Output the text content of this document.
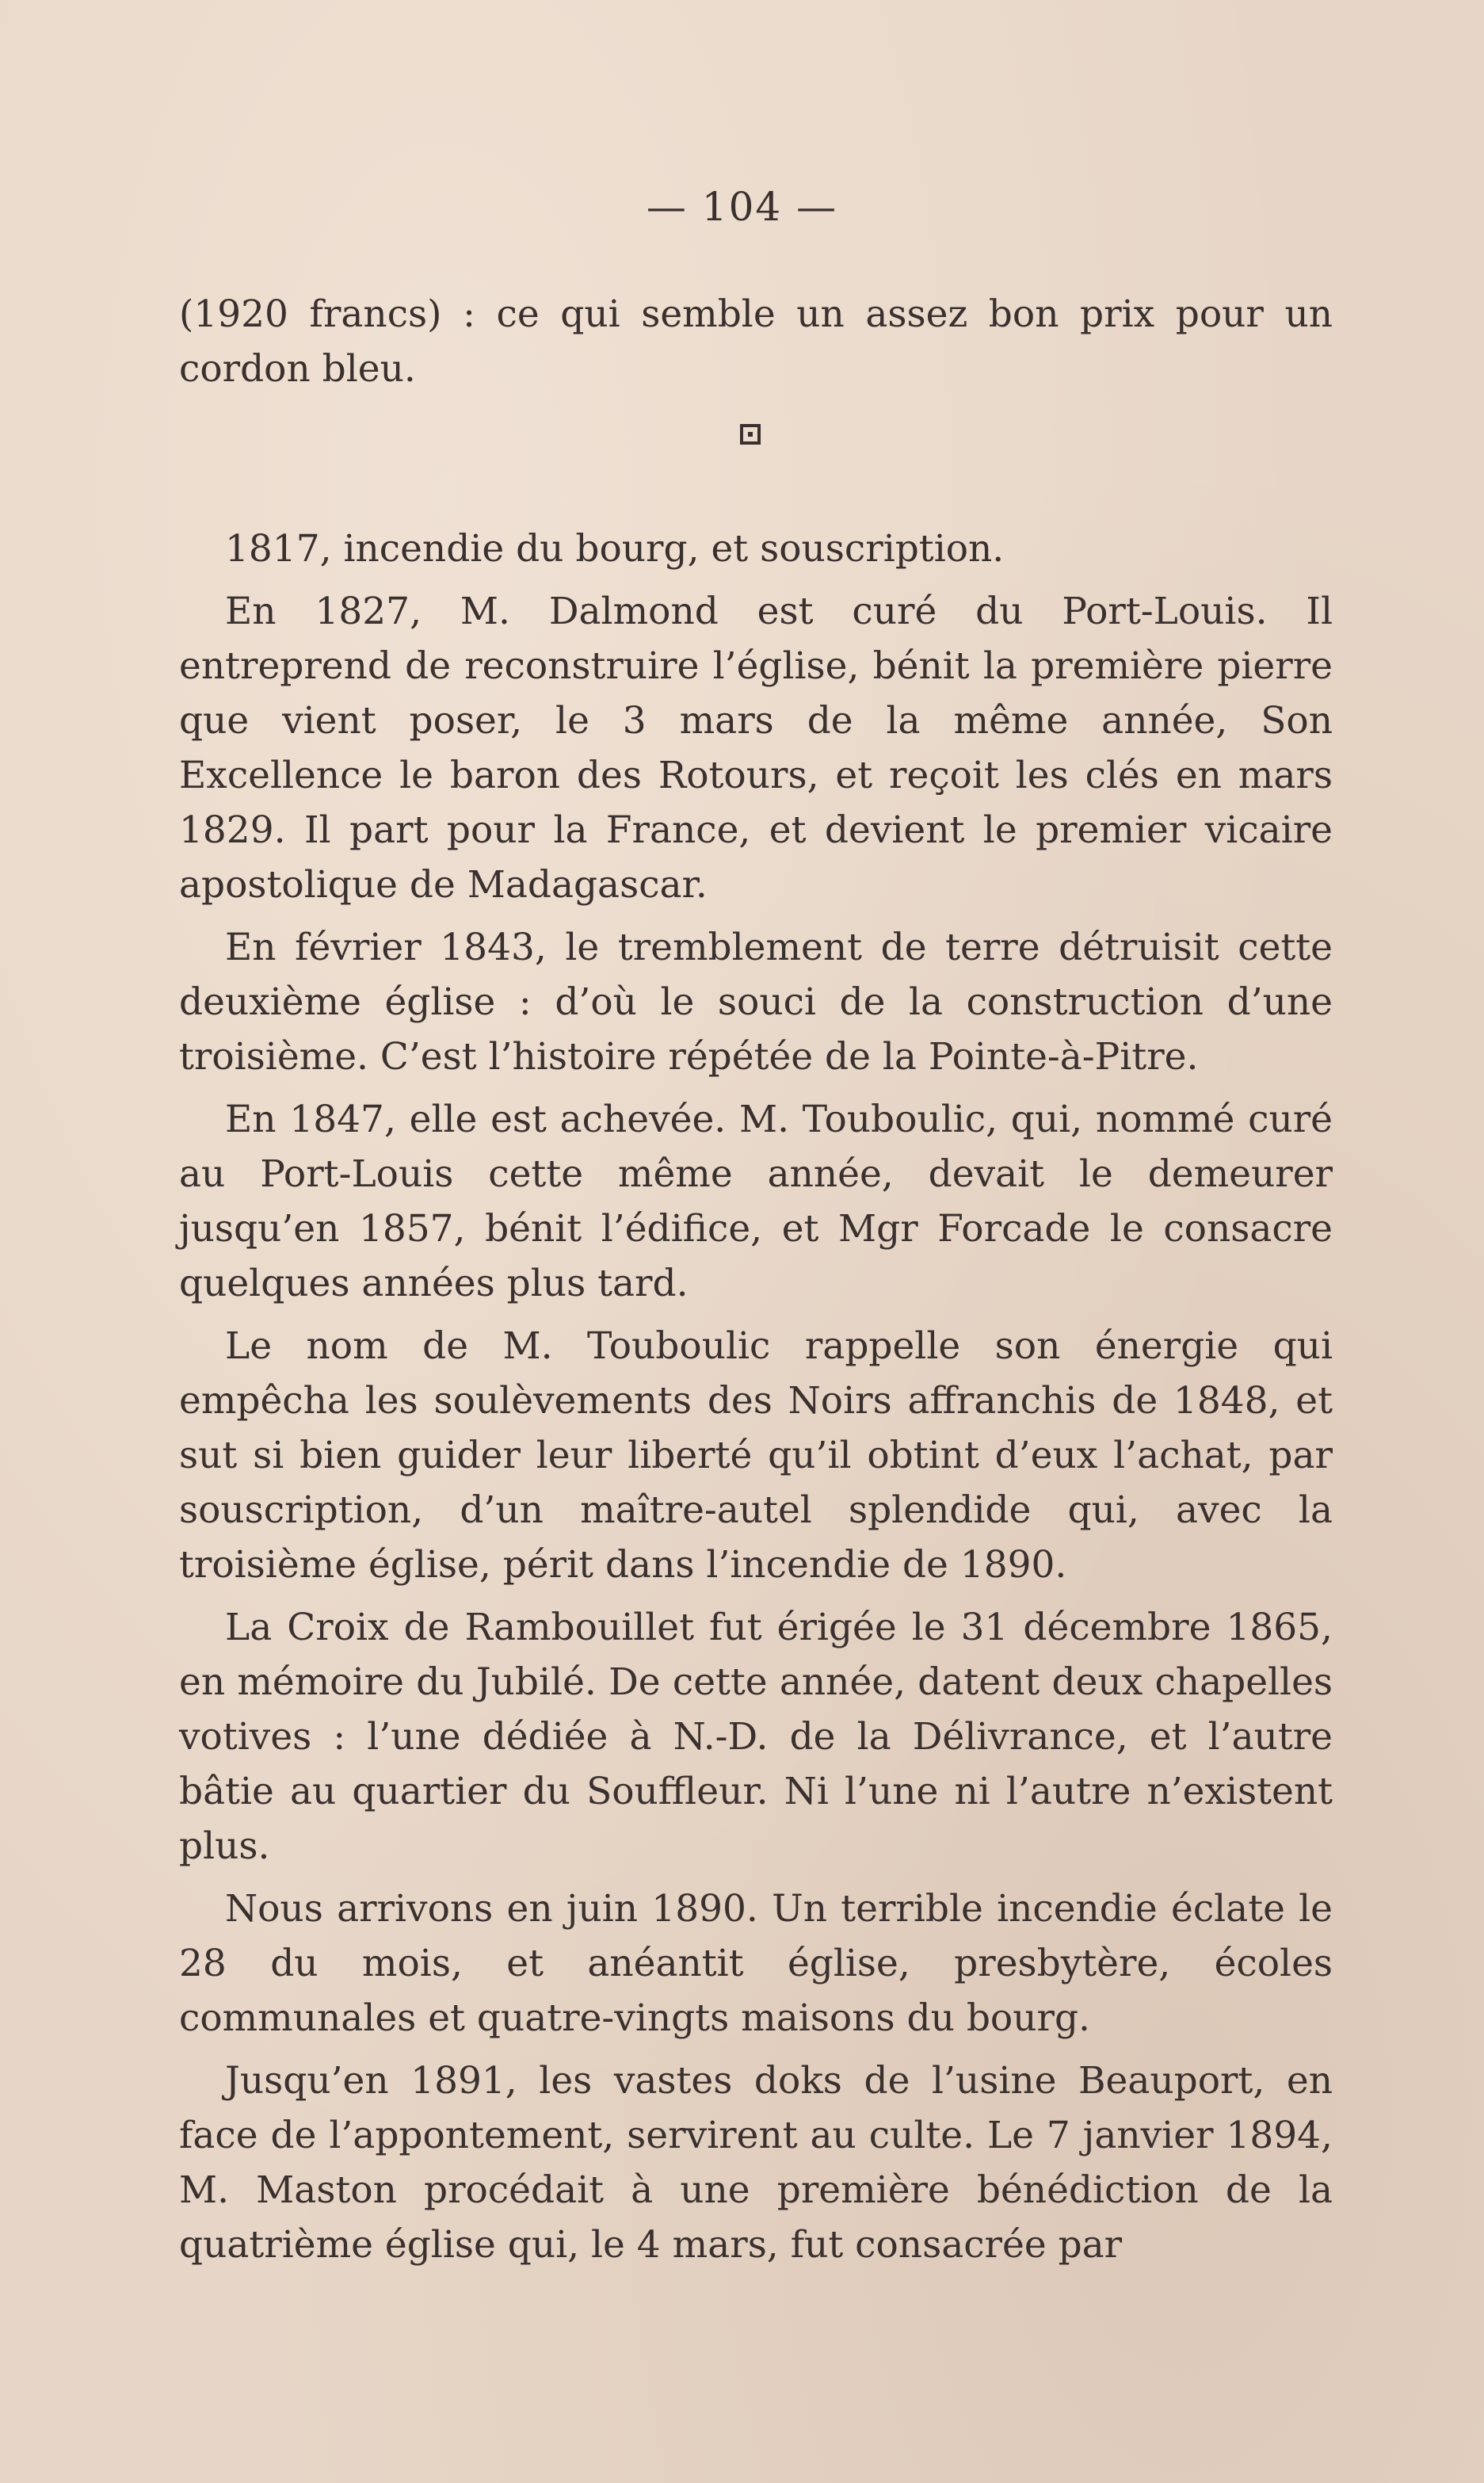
— 104 —

(1920 francs) : ce qui semble un assez bon prix pour un cordon bleu.

1817, incendie du bourg, et souscription.

En 1827, M. Dalmond est curé du Port-Louis. Il entreprend de reconstruire l’église, bénit la première pierre que vient poser, le 3 mars de la même année, Son Excellence le baron des Rotours, et reçoit les clés en mars 1829. Il part pour la France, et devient le premier vicaire apostolique de Madagascar.

En février 1843, le tremblement de terre détruisit cette deuxième église : d’où le souci de la construction d’une troisième. C’est l’histoire répétée de la Pointe-à-Pitre.

En 1847, elle est achevée. M. Touboulic, qui, nommé curé au Port-Louis cette même année, devait le demeurer jusqu’en 1857, bénit l’édifice, et Mgr Forcade le consacre quelques années plus tard.

Le nom de M. Touboulic rappelle son énergie qui empêcha les soulèvements des Noirs affranchis de 1848, et sut si bien guider leur liberté qu’il obtint d’eux l’achat, par souscription, d’un maître-autel splendide qui, avec la troisième église, périt dans l’incendie de 1890.

La Croix de Rambouillet fut érigée le 31 décembre 1865, en mémoire du Jubilé. De cette année, datent deux chapelles votives : l’une dédiée à N.-D. de la Délivrance, et l’autre bâtie au quartier du Souffleur. Ni l’une ni l’autre n’existent plus.

Nous arrivons en juin 1890. Un terrible incendie éclate le 28 du mois, et anéantit église, presbytère, écoles communales et quatre-vingts maisons du bourg.

Jusqu’en 1891, les vastes doks de l’usine Beauport, en face de l’appontement, servirent au culte. Le 7 janvier 1894, M. Maston procédait à une première bénédiction de la quatrième église qui, le 4 mars, fut consacrée par
